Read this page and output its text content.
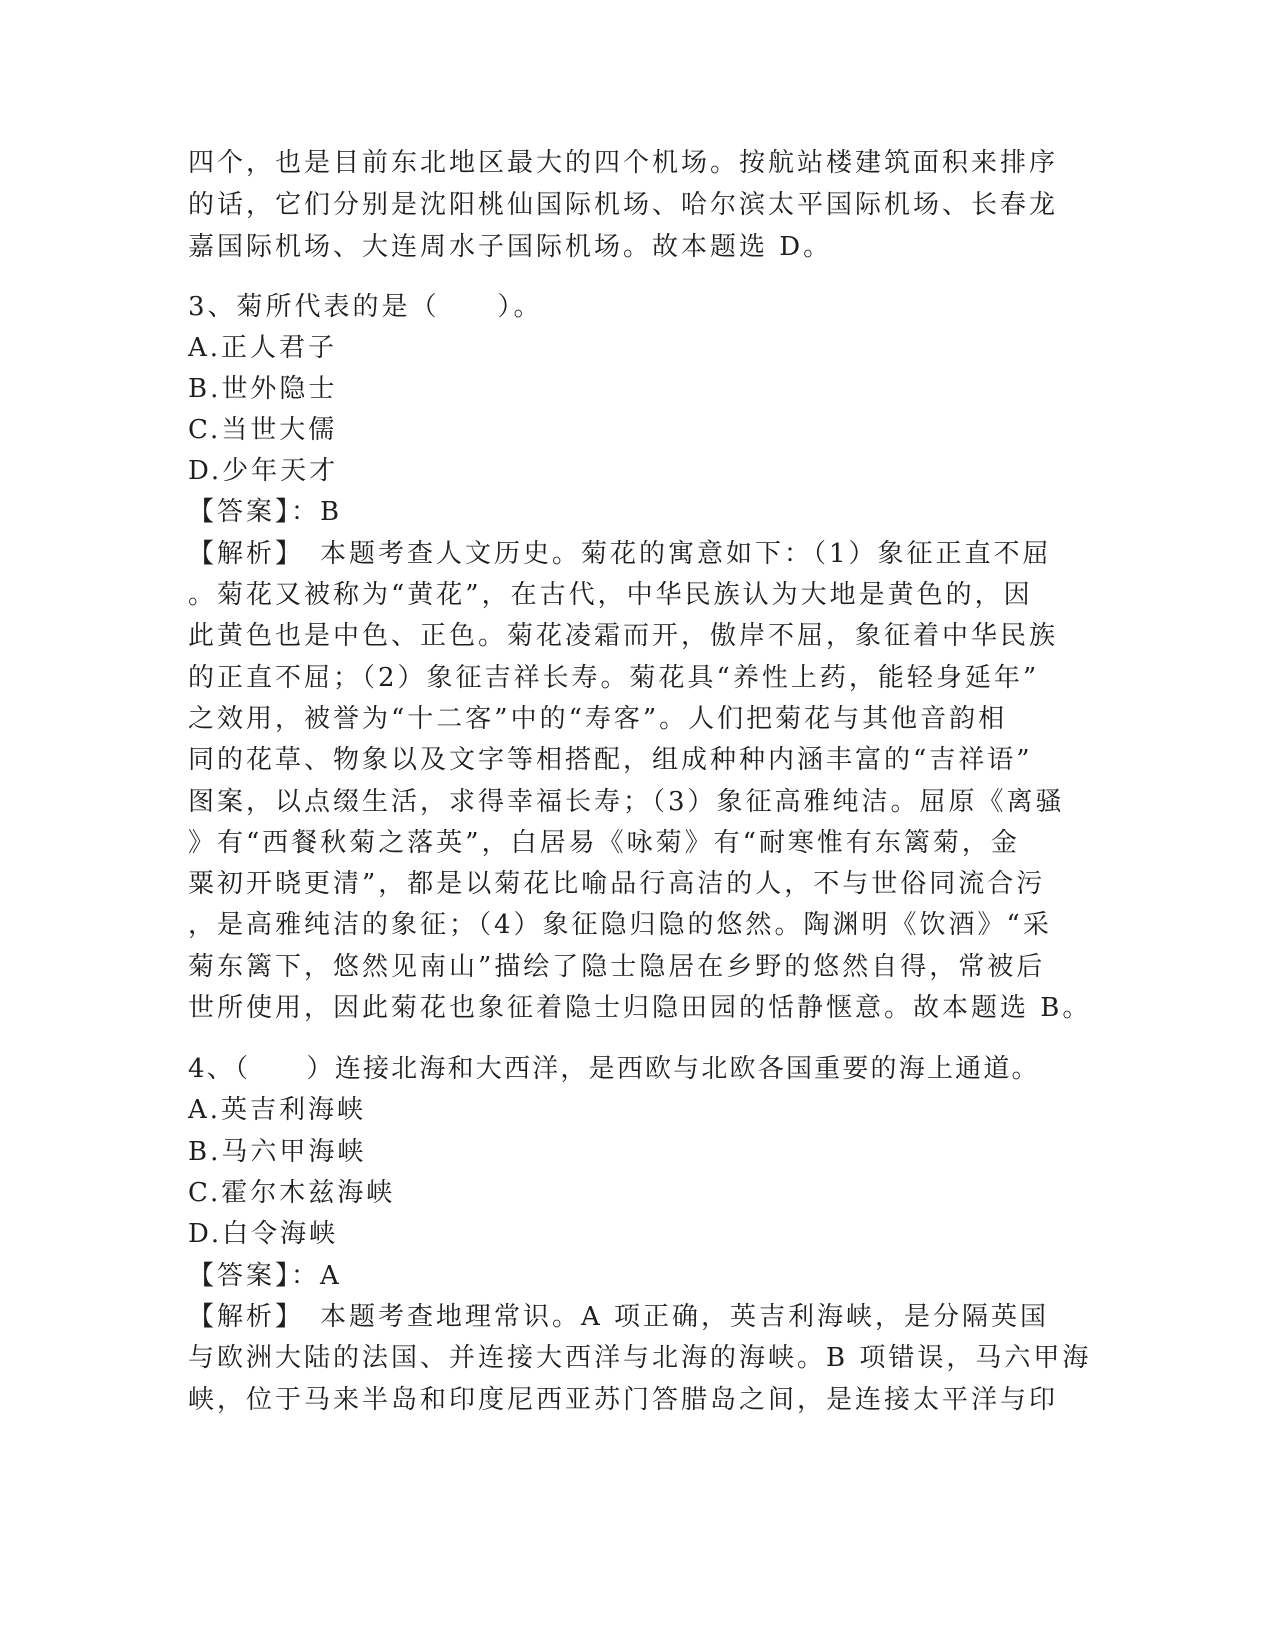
四个，也是目前东北地区最大的四个机场。按航站楼建筑面积来排序
的话，它们分别是沈阳桃仙国际机场、哈尔滨太平国际机场、长春龙
嘉国际机场、大连周水子国际机场。故本题选 D。
3、菊所代表的是（　　）。
A.正人君子
B.世外隐士
C.当世大儒
D.少年天才
【答案】：B
【解析】　本题考查人文历史。菊花的寓意如下：（1）象征正直不屈
。菊花又被称为“黄花”，在古代，中华民族认为大地是黄色的，因
此黄色也是中色、正色。菊花凌霜而开，傲岸不屈，象征着中华民族
的正直不屈；（2）象征吉祥长寿。菊花具“养性上药，能轻身延年”
之效用，被誉为“十二客”中的“寿客”。人们把菊花与其他音韵相
同的花草、物象以及文字等相搭配，组成种种内涵丰富的“吉祥语”
图案，以点缀生活，求得幸福长寿；（3）象征高雅纯洁。屈原《离骚
》有“西餐秋菊之落英”，白居易《咏菊》有“耐寒惟有东篱菊，金
粟初开晓更清”，都是以菊花比喻品行高洁的人，不与世俗同流合污
，是高雅纯洁的象征；（4）象征隐归隐的悠然。陶渊明《饮酒》“采
菊东篱下，悠然见南山”描绘了隐士隐居在乡野的悠然自得，常被后
世所使用，因此菊花也象征着隐士归隐田园的恬静惬意。故本题选 B。
4、（　　）连接北海和大西洋，是西欧与北欧各国重要的海上通道。
A.英吉利海峡
B.马六甲海峡
C.霍尔木兹海峡
D.白令海峡
【答案】：A
【解析】　本题考查地理常识。A 项正确，英吉利海峡，是分隔英国
与欧洲大陆的法国、并连接大西洋与北海的海峡。B 项错误，马六甲海
峡，位于马来半岛和印度尼西亚苏门答腊岛之间，是连接太平洋与印
